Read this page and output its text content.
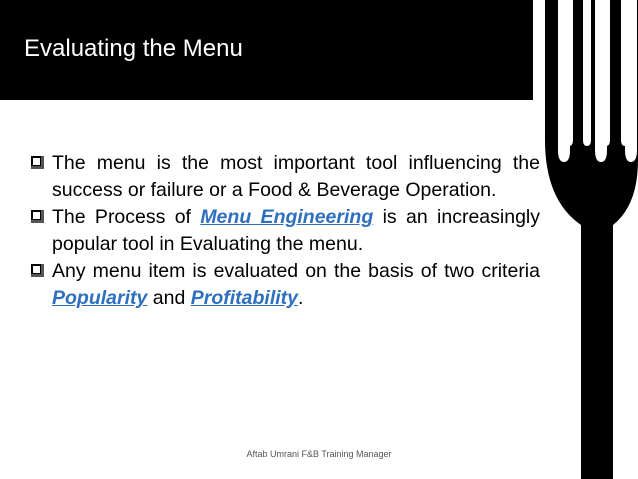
Evaluating the Menu

The menu is the most important tool influencing the success or failure or a Food & Beverage Operation.

The Process of Menu Engineering is an increasingly popular tool in Evaluating the menu.

Any menu item is evaluated on the basis of two criteria Popularity and Profitability.

Aftab Umrani F&B Training Manager
